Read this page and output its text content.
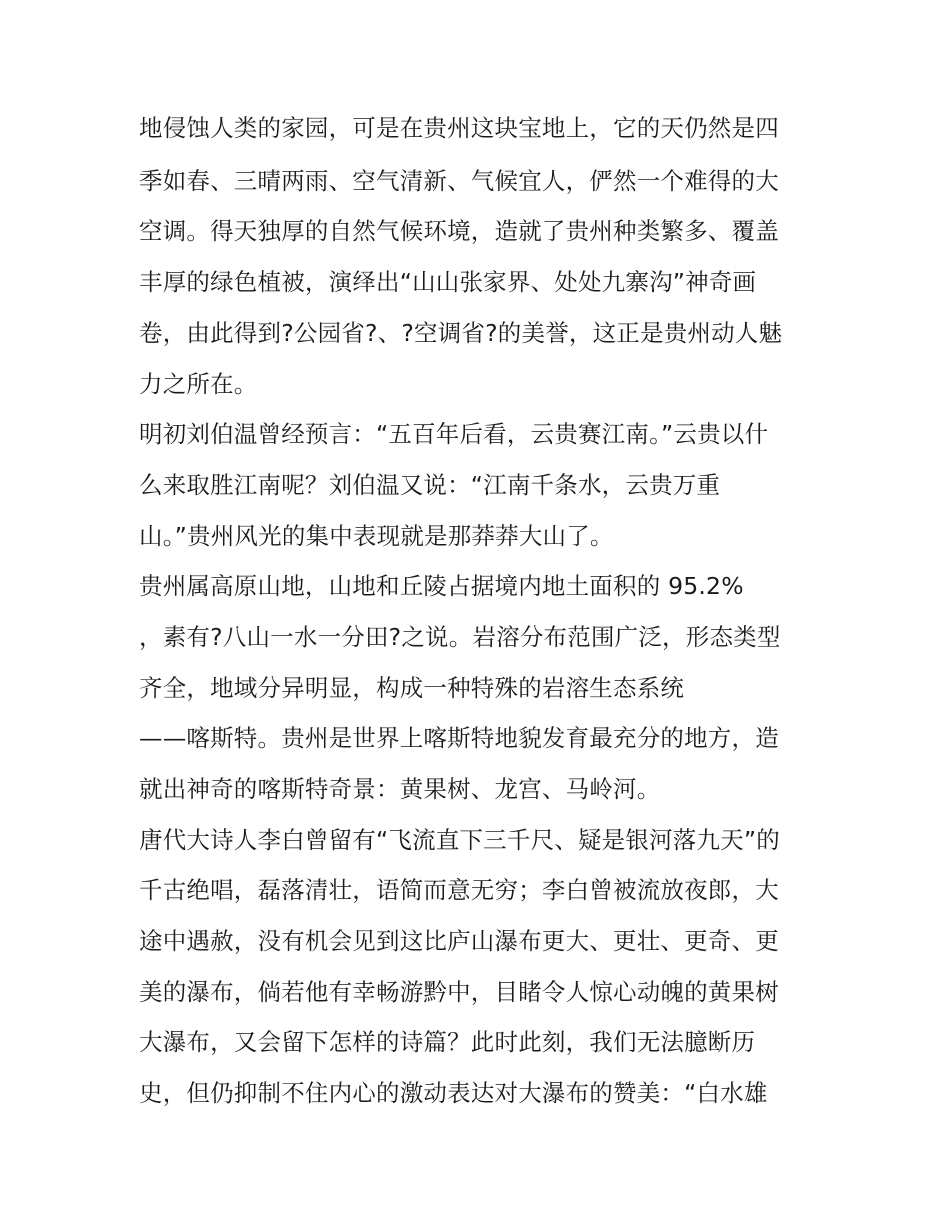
地侵蚀人类的家园，可是在贵州这块宝地上，它的天仍然是四

季如春、三晴两雨、空气清新、气候宜人，俨然一个难得的大

空调。得天独厚的自然气候环境，造就了贵州种类繁多、覆盖

丰厚的绿色植被，演绎出“山山张家界、处处九寨沟”神奇画

卷，由此得到?公园省?、?空调省?的美誉，这正是贵州动人魅

力之所在。

明初刘伯温曾经预言：“五百年后看，云贵赛江南。”云贵以什

么来取胜江南呢？刘伯温又说：“江南千条水，云贵万重

山。”贵州风光的集中表现就是那莽莽大山了。

贵州属高原山地，山地和丘陵占据境内地土面积的 95.2%

，素有?八山一水一分田?之说。岩溶分布范围广泛，形态类型

齐全，地域分异明显，构成一种特殊的岩溶生态系统

——喀斯特。贵州是世界上喀斯特地貌发育最充分的地方，造

就出神奇的喀斯特奇景：黄果树、龙宫、马岭河。

唐代大诗人李白曾留有“飞流直下三千尺、疑是银河落九天”的

千古绝唱，磊落清壮，语简而意无穷；李白曾被流放夜郎，大

途中遇赦，没有机会见到这比庐山瀑布更大、更壮、更奇、更

美的瀑布，倘若他有幸畅游黔中，目睹令人惊心动魄的黄果树

大瀑布，又会留下怎样的诗篇？此时此刻，我们无法臆断历

史，但仍抑制不住内心的激动表达对大瀑布的赞美：“白水雄
